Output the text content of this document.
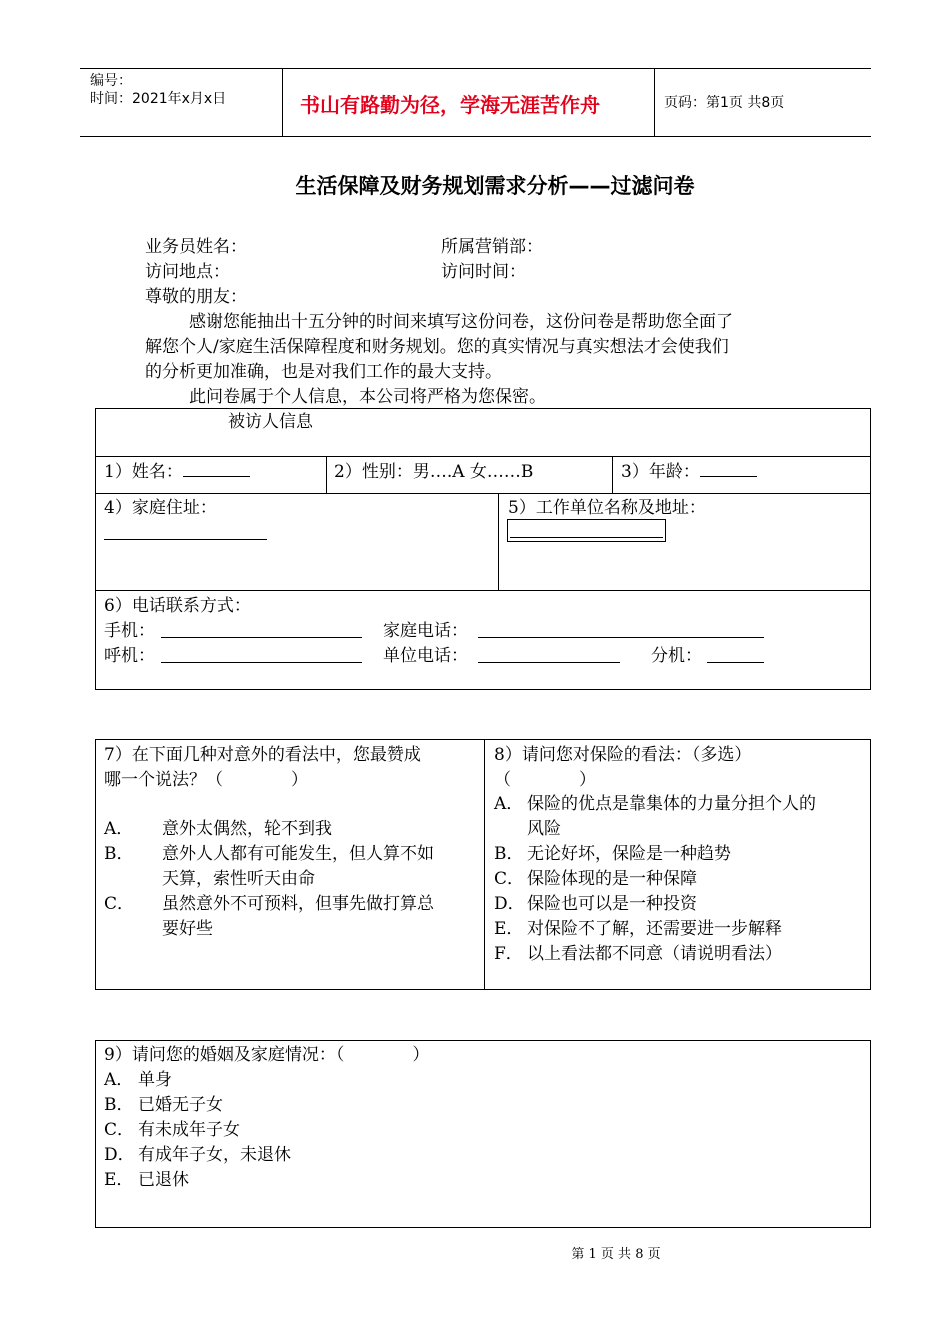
编号：
时间：2021年x月x日	书山有路勤为径，学海无涯苦作舟	页码：第1页 共8页
生活保障及财务规划需求分析——过滤问卷
业务员姓名：	所属营销部：
访问地点：	访问时间：
尊敬的朋友：
感谢您能抽出十五分钟的时间来填写这份问卷，这份问卷是帮助您全面了
解您个人/家庭生活保障程度和财务规划。您的真实情况与真实想法才会使我们
的分析更加准确，也是对我们工作的最大支持。
此问卷属于个人信息，本公司将严格为您保密。
被访人信息
1）姓名：	2）性别：男….A 女……B	3）年龄：
4）家庭住址：	5）工作单位名称及地址：
6）电话联系方式：
手机：	家庭电话：
呼机：	单位电话：	分机：
7）在下面几种对意外的看法中，您最赞成
哪一个说法？（　　　　）
A． 意外太偶然，轮不到我
B． 意外人人都有可能发生，但人算不如
天算，索性听天由命
C． 虽然意外不可预料，但事先做打算总
要好些
8）请问您对保险的看法：（多选）
（　　　　）
A． 保险的优点是靠集体的力量分担个人的
风险
B． 无论好坏，保险是一种趋势
C． 保险体现的是一种保障
D． 保险也可以是一种投资
E． 对保险不了解，还需要进一步解释
F． 以上看法都不同意（请说明看法）
9）请问您的婚姻及家庭情况：（　　　　）
A． 单身
B． 已婚无子女
C． 有未成年子女
D． 有成年子女，未退休
E． 已退休
第 1 页 共 8 页
